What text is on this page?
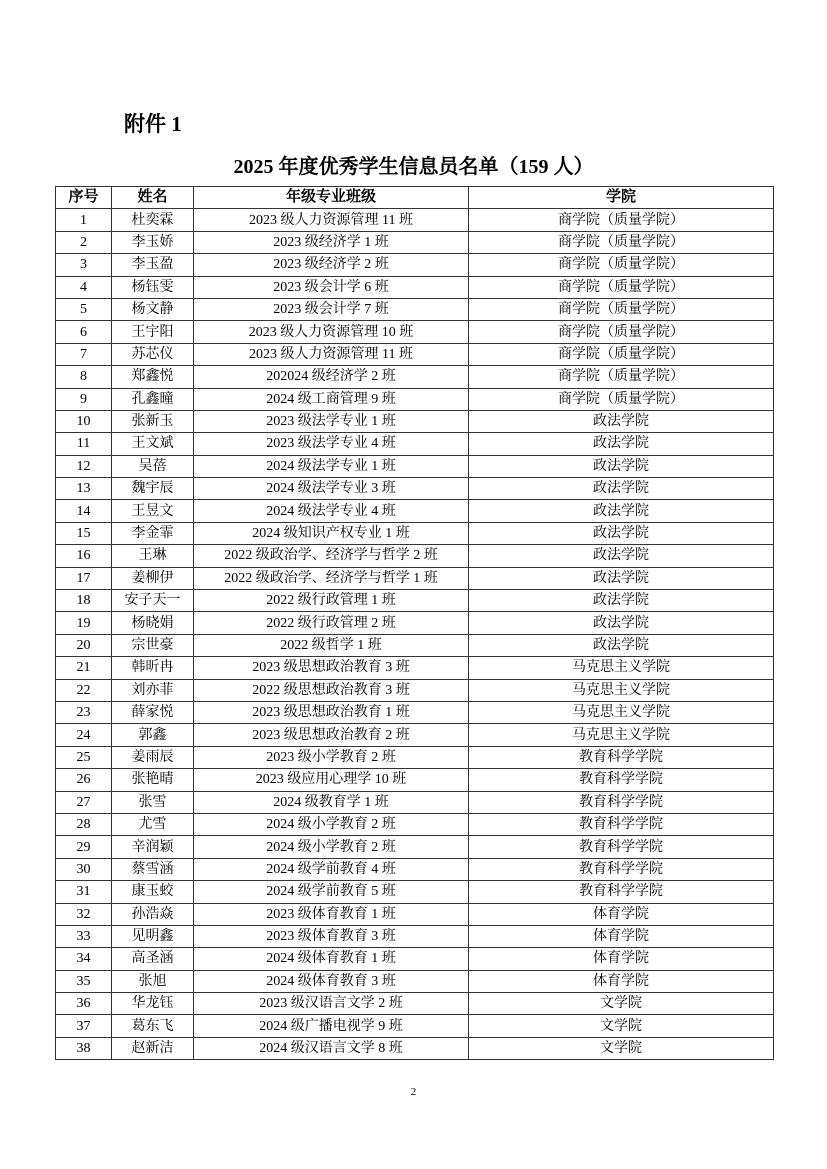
附件 1
2025 年度优秀学生信息员名单（159 人）
序号	姓名	年级专业班级	学院
1	杜奕霖	2023 级人力资源管理 11 班	商学院（质量学院）
2	李玉娇	2023 级经济学 1 班	商学院（质量学院）
3	李玉盈	2023 级经济学 2 班	商学院（质量学院）
4	杨钰雯	2023 级会计学 6 班	商学院（质量学院）
5	杨文静	2023 级会计学 7 班	商学院（质量学院）
6	王宇阳	2023 级人力资源管理 10 班	商学院（质量学院）
7	苏芯仪	2023 级人力资源管理 11 班	商学院（质量学院）
8	郑鑫悦	202024 级经济学 2 班	商学院（质量学院）
9	孔鑫曈	2024 级工商管理 9 班	商学院（质量学院）
10	张新玉	2023 级法学专业 1 班	政法学院
11	王文斌	2023 级法学专业 4 班	政法学院
12	吴蓓	2024 级法学专业 1 班	政法学院
13	魏宇辰	2024 级法学专业 3 班	政法学院
14	王昱文	2024 级法学专业 4 班	政法学院
15	李金霏	2024 级知识产权专业 1 班	政法学院
16	王琳	2022 级政治学、经济学与哲学 2 班	政法学院
17	姜柳伊	2022 级政治学、经济学与哲学 1 班	政法学院
18	安子天一	2022 级行政管理 1 班	政法学院
19	杨晓娟	2022 级行政管理 2 班	政法学院
20	宗世豪	2022 级哲学 1 班	政法学院
21	韩昕冉	2023 级思想政治教育 3 班	马克思主义学院
22	刘亦菲	2022 级思想政治教育 3 班	马克思主义学院
23	薛家悦	2023 级思想政治教育 1 班	马克思主义学院
24	郭鑫	2023 级思想政治教育 2 班	马克思主义学院
25	姜雨辰	2023 级小学教育 2 班	教育科学学院
26	张艳晴	2023 级应用心理学 10 班	教育科学学院
27	张雪	2024 级教育学 1 班	教育科学学院
28	尤雪	2024 级小学教育 2 班	教育科学学院
29	辛润颖	2024 级小学教育 2 班	教育科学学院
30	蔡雪涵	2024 级学前教育 4 班	教育科学学院
31	康玉蛟	2024 级学前教育 5 班	教育科学学院
32	孙浩焱	2023 级体育教育 1 班	体育学院
33	见明鑫	2023 级体育教育 3 班	体育学院
34	高圣涵	2024 级体育教育 1 班	体育学院
35	张旭	2024 级体育教育 3 班	体育学院
36	华龙钰	2023 级汉语言文学 2 班	文学院
37	葛东飞	2024 级广播电视学 9 班	文学院
38	赵新洁	2024 级汉语言文学 8 班	文学院
2
